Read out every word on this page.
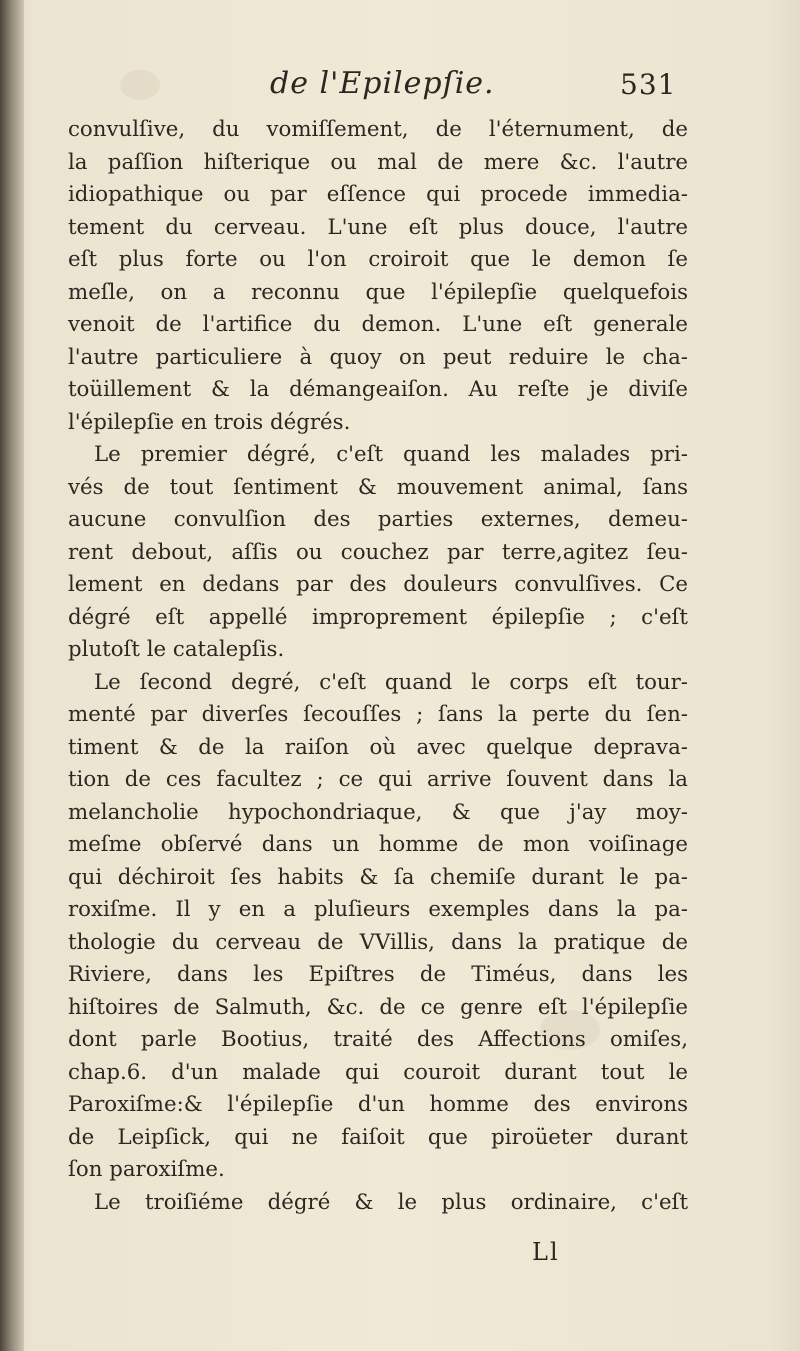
de l'Epilepſie.	531
convulſive, du vomiſſement, de l'éternument, de
la paſſion hiſterique ou mal de mere &c. l'autre
idiopathique ou par eſſence qui procede immedia-
tement du cerveau. L'une eſt plus douce, l'autre
eſt plus forte ou l'on croiroit que le demon ſe
meſle, on a reconnu que l'épilepſie quelquefois
venoit de l'artifice du demon. L'une eſt generale
l'autre particuliere à quoy on peut reduire le cha-
toüillement & la démangeaiſon. Au reſte je diviſe
l'épilepſie en trois dégrés.
Le premier dégré, c'eſt quand les malades pri-
vés de tout ſentiment & mouvement animal, ſans
aucune convulſion des parties externes, demeu-
rent debout, aſſis ou couchez par terre,agitez ſeu-
lement en dedans par des douleurs convulſives. Ce
dégré eſt appellé improprement épilepſie ; c'eſt
plutoſt le catalepſis.
Le ſecond degré, c'eſt quand le corps eſt tour-
menté par diverſes ſecouſſes ; ſans la perte du ſen-
timent & de la raiſon où avec quelque deprava-
tion de ces facultez ; ce qui arrive ſouvent dans la
melancholie hypochondriaque, & que j'ay moy-
meſme obſervé dans un homme de mon voiſinage
qui déchiroit ſes habits & ſa chemiſe durant le pa-
roxiſme. Il y en a pluſieurs exemples dans la pa-
thologie du cerveau de VVillis, dans la pratique de
Riviere, dans les Epiſtres de Timéus, dans les
hiſtoires de Salmuth, &c. de ce genre eſt l'épilepſie
dont parle Bootius, traité des Affections omiſes,
chap.6. d'un malade qui couroit durant tout le
Paroxiſme:& l'épilepſie d'un homme des environs
de Leipſick, qui ne faiſoit que piroüeter durant
ſon paroxiſme.
Le troiſiéme dégré & le plus ordinaire, c'eſt
Ll
